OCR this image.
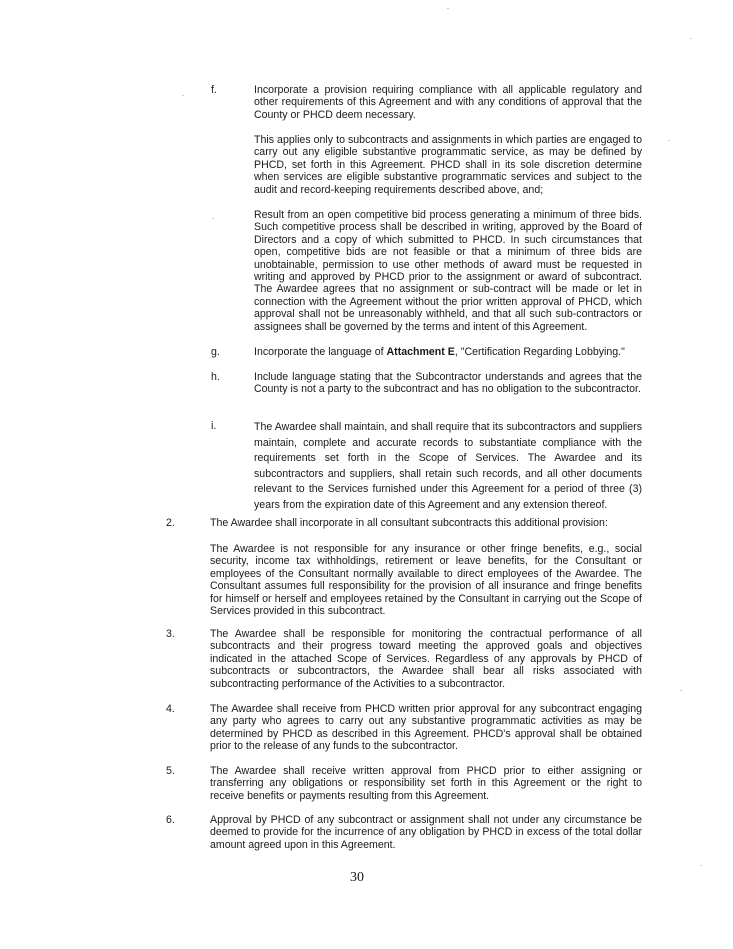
f.	Incorporate a provision requiring compliance with all applicable regulatory and other requirements of this Agreement and with any conditions of approval that the County or PHCD deem necessary.

This applies only to subcontracts and assignments in which parties are engaged to carry out any eligible substantive programmatic service, as may be defined by PHCD, set forth in this Agreement. PHCD shall in its sole discretion determine when services are eligible substantive programmatic services and subject to the audit and record-keeping requirements described above, and;

Result from an open competitive bid process generating a minimum of three bids. Such competitive process shall be described in writing, approved by the Board of Directors and a copy of which submitted to PHCD. In such circumstances that open, competitive bids are not feasible or that a minimum of three bids are unobtainable, permission to use other methods of award must be requested in writing and approved by PHCD prior to the assignment or award of subcontract. The Awardee agrees that no assignment or sub-contract will be made or let in connection with the Agreement without the prior written approval of PHCD, which approval shall not be unreasonably withheld, and that all such sub-contractors or assignees shall be governed by the terms and intent of this Agreement.

g.	Incorporate the language of Attachment E, "Certification Regarding Lobbying."

h.	Include language stating that the Subcontractor understands and agrees that the County is not a party to the subcontract and has no obligation to the subcontractor.

i.	The Awardee shall maintain, and shall require that its subcontractors and suppliers maintain, complete and accurate records to substantiate compliance with the requirements set forth in the Scope of Services. The Awardee and its subcontractors and suppliers, shall retain such records, and all other documents relevant to the Services furnished under this Agreement for a period of three (3) years from the expiration date of this Agreement and any extension thereof.

2.	The Awardee shall incorporate in all consultant subcontracts this additional provision:

The Awardee is not responsible for any insurance or other fringe benefits, e.g., social security, income tax withholdings, retirement or leave benefits, for the Consultant or employees of the Consultant normally available to direct employees of the Awardee. The Consultant assumes full responsibility for the provision of all insurance and fringe benefits for himself or herself and employees retained by the Consultant in carrying out the Scope of Services provided in this subcontract.

3.	The Awardee shall be responsible for monitoring the contractual performance of all subcontracts and their progress toward meeting the approved goals and objectives indicated in the attached Scope of Services. Regardless of any approvals by PHCD of subcontracts or subcontractors, the Awardee shall bear all risks associated with subcontracting performance of the Activities to a subcontractor.

4.	The Awardee shall receive from PHCD written prior approval for any subcontract engaging any party who agrees to carry out any substantive programmatic activities as may be determined by PHCD as described in this Agreement. PHCD's approval shall be obtained prior to the release of any funds to the subcontractor.

5.	The Awardee shall receive written approval from PHCD prior to either assigning or transferring any obligations or responsibility set forth in this Agreement or the right to receive benefits or payments resulting from this Agreement.

6.	Approval by PHCD of any subcontract or assignment shall not under any circumstance be deemed to provide for the incurrence of any obligation by PHCD in excess of the total dollar amount agreed upon in this Agreement.

30
